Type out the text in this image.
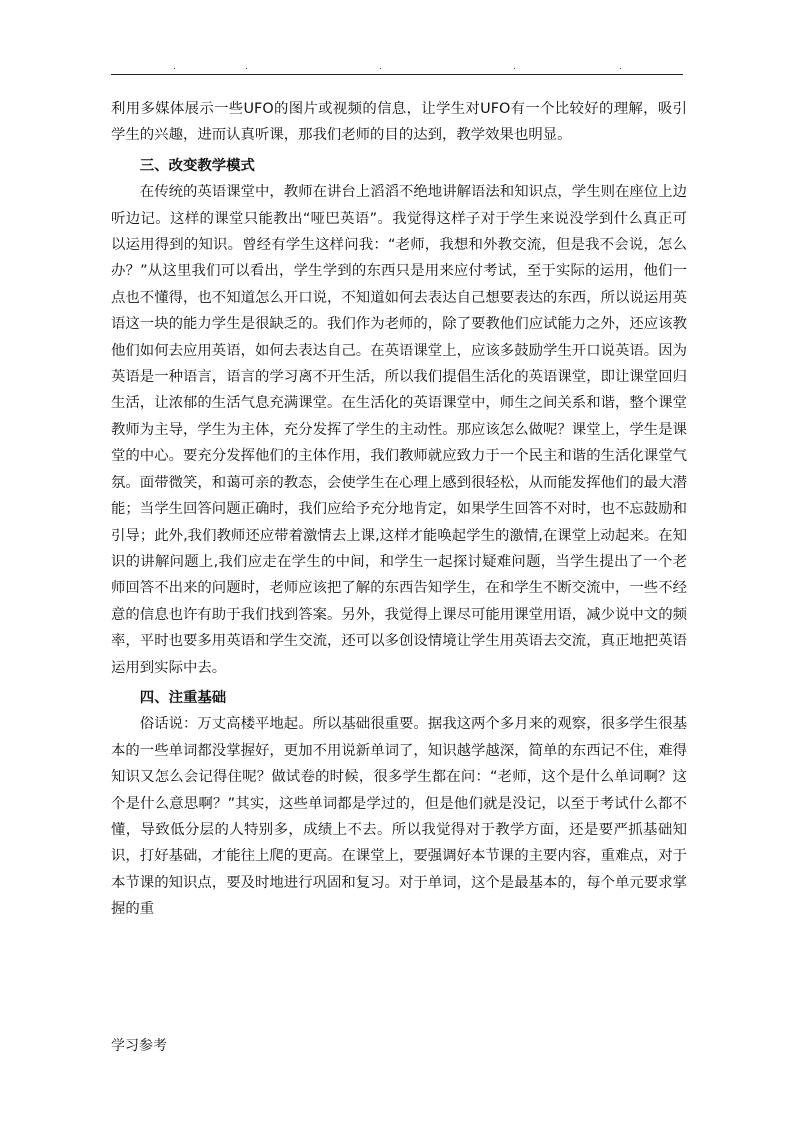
.	.	.	.	.

利用多媒体展示一些UFO的图片或视频的信息，让学生对UFO有一个比较好的理解，吸引学生的兴趣，进而认真听课，那我们老师的目的达到，教学效果也明显。

三、改变教学模式

在传统的英语课堂中，教师在讲台上滔滔不绝地讲解语法和知识点，学生则在座位上边听边记。这样的课堂只能教出“哑巴英语”。我觉得这样子对于学生来说没学到什么真正可以运用得到的知识。曾经有学生这样问我：“老师，我想和外教交流，但是我不会说，怎么办？”从这里我们可以看出，学生学到的东西只是用来应付考试，至于实际的运用，他们一点也不懂得，也不知道怎么开口说，不知道如何去表达自己想要表达的东西，所以说运用英语这一块的能力学生是很缺乏的。我们作为老师的，除了要教他们应试能力之外，还应该教他们如何去应用英语，如何去表达自己。在英语课堂上，应该多鼓励学生开口说英语。因为英语是一种语言，语言的学习离不开生活，所以我们提倡生活化的英语课堂，即让课堂回归生活，让浓郁的生活气息充满课堂。在生活化的英语课堂中，师生之间关系和谐，整个课堂教师为主导，学生为主体，充分发挥了学生的主动性。那应该怎么做呢？课堂上，学生是课堂的中心。要充分发挥他们的主体作用，我们教师就应致力于一个民主和谐的生活化课堂气氛。面带微笑，和蔼可亲的教态，会使学生在心理上感到很轻松，从而能发挥他们的最大潜能；当学生回答问题正确时，我们应给予充分地肯定，如果学生回答不对时，也不忘鼓励和引导；此外,我们教师还应带着激情去上课,这样才能唤起学生的激情,在课堂上动起来。在知识的讲解问题上,我们应走在学生的中间，和学生一起探讨疑难问题，当学生提出了一个老师回答不出来的问题时，老师应该把了解的东西告知学生，在和学生不断交流中，一些不经意的信息也许有助于我们找到答案。另外，我觉得上课尽可能用课堂用语，减少说中文的频率，平时也要多用英语和学生交流，还可以多创设情境让学生用英语去交流，真正地把英语运用到实际中去。

四、注重基础

俗话说：万丈高楼平地起。所以基础很重要。据我这两个多月来的观察，很多学生很基本的一些单词都没掌握好，更加不用说新单词了，知识越学越深，简单的东西记不住，难得知识又怎么会记得住呢？做试卷的时候，很多学生都在问：“老师，这个是什么单词啊？这个是什么意思啊？”其实，这些单词都是学过的，但是他们就是没记，以至于考试什么都不懂，导致低分层的人特别多，成绩上不去。所以我觉得对于教学方面，还是要严抓基础知识，打好基础，才能往上爬的更高。在课堂上，要强调好本节课的主要内容，重难点，对于本节课的知识点，要及时地进行巩固和复习。对于单词，这个是最基本的，每个单元要求掌握的重

学习参考
